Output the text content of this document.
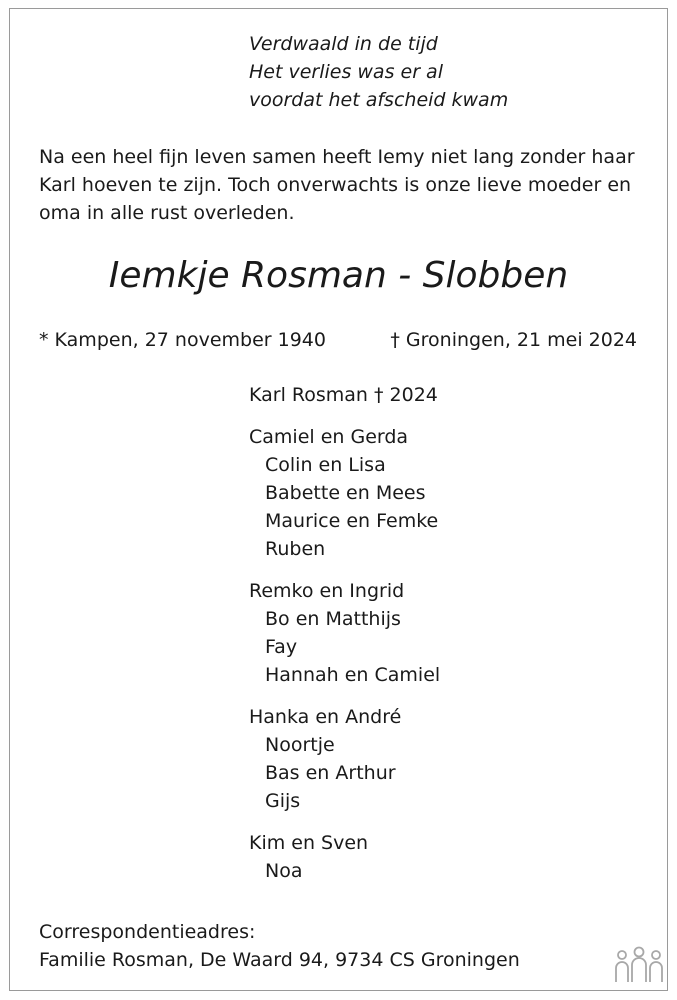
Verdwaald in de tijd
Het verlies was er al
voordat het afscheid kwam
Na een heel fijn leven samen heeft Iemy niet lang zonder haar
Karl hoeven te zijn. Toch onverwachts is onze lieve moeder en
oma in alle rust overleden.
Iemkje Rosman - Slobben
* Kampen, 27 november 1940	† Groningen, 21 mei 2024
Karl Rosman † 2024
Camiel en Gerda
Colin en Lisa
Babette en Mees
Maurice en Femke
Ruben
Remko en Ingrid
Bo en Matthijs
Fay
Hannah en Camiel
Hanka en André
Noortje
Bas en Arthur
Gijs
Kim en Sven
Noa
Correspondentieadres:
Familie Rosman, De Waard 94, 9734 CS Groningen
